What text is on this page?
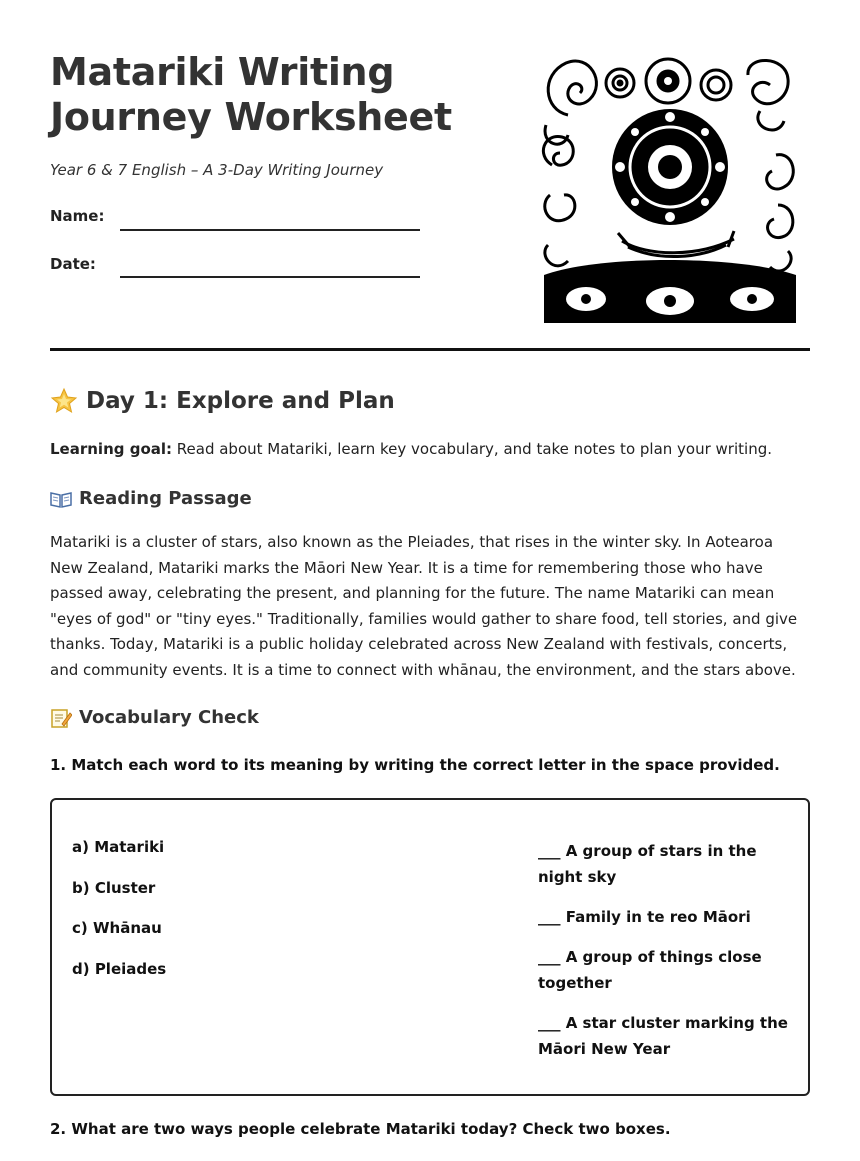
Matariki Writing Journey Worksheet
Year 6 & 7 English – A 3-Day Writing Journey
Name:
Date:
Day 1: Explore and Plan
Learning goal: Read about Matariki, learn key vocabulary, and take notes to plan your writing.
Reading Passage

Matariki is a cluster of stars, also known as the Pleiades, that rises in the winter sky. In Aotearoa New Zealand, Matariki marks the Māori New Year. It is a time for remembering those who have passed away, celebrating the present, and planning for the future. The name Matariki can mean "eyes of god" or "tiny eyes." Traditionally, families would gather to share food, tell stories, and give thanks. Today, Matariki is a public holiday celebrated across New Zealand with festivals, concerts, and community events. It is a time to connect with whānau, the environment, and the stars above.

Vocabulary Check

1. Match each word to its meaning by writing the correct letter in the space provided.

a) Matariki
b) Cluster
c) Whānau
d) Pleiades
___ A group of stars in the night sky
___ Family in te reo Māori
___ A group of things close together
___ A star cluster marking the Māori New Year

2. What are two ways people celebrate Matariki today? Check two boxes.
